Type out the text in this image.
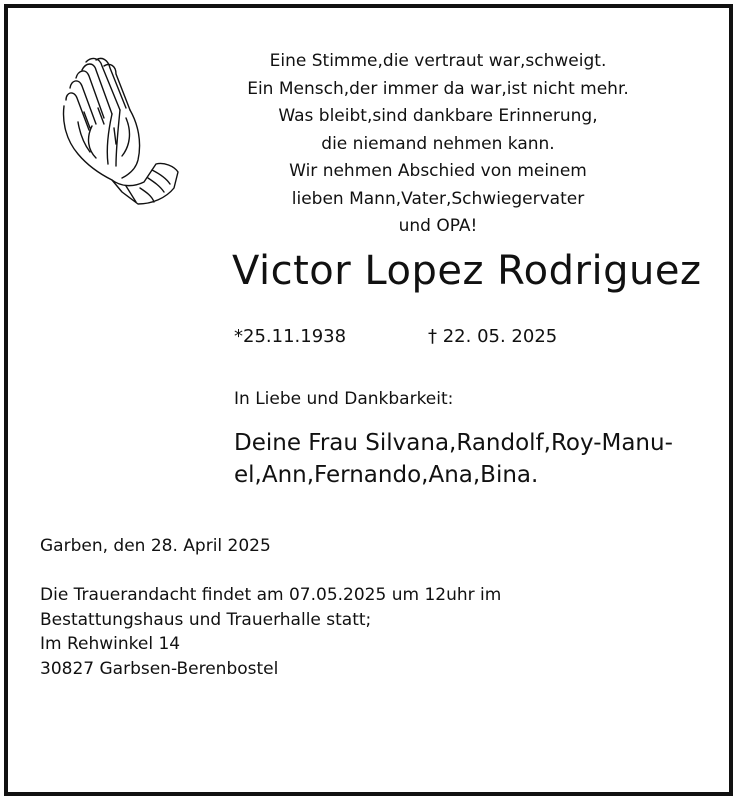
Eine Stimme,die vertraut war,schweigt.
Ein Mensch,der immer da war,ist nicht mehr.
Was bleibt,sind dankbare Erinnerung,
die niemand nehmen kann.
Wir nehmen Abschied von meinem
lieben Mann,Vater,Schwiegervater
und OPA!
Victor Lopez Rodriguez
*25.11.1938	† 22. 05. 2025
In Liebe und Dankbarkeit:
Deine Frau Silvana,Randolf,Roy-Manu-
el,Ann,Fernando,Ana,Bina.
Garben, den 28. April 2025
Die Trauerandacht findet am 07.05.2025 um 12uhr im
Bestattungshaus und Trauerhalle statt;
Im Rehwinkel 14
30827 Garbsen-Berenbostel
